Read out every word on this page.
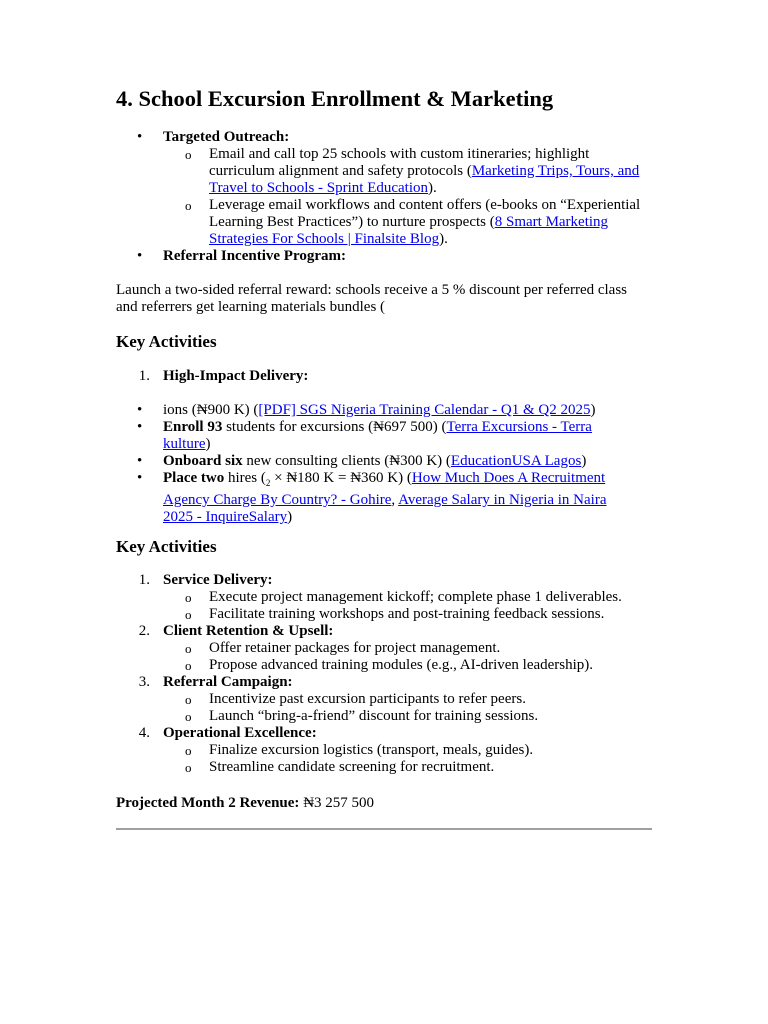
4. School Excursion Enrollment & Marketing
• Targeted Outreach:
o Email and call top 25 schools with custom itineraries; highlight curriculum alignment and safety protocols (Marketing Trips, Tours, and Travel to Schools - Sprint Education).
o Leverage email workflows and content offers (e-books on “Experiential Learning Best Practices”) to nurture prospects (8 Smart Marketing Strategies For Schools | Finalsite Blog).
• Referral Incentive Program:
Launch a two-sided referral reward: schools receive a 5 % discount per referred class and referrers get learning materials bundles (
Key Activities
1. High-Impact Delivery:
• ions (₦900 K) ([PDF] SGS Nigeria Training Calendar - Q1 & Q2 2025)
• Enroll 93 students for excursions (₦697 500) (Terra Excursions - Terra kulture)
• Onboard six new consulting clients (₦300 K) (EducationUSA Lagos)
• Place two hires ($_2$ × ₦180 K = ₦360 K) (How Much Does A Recruitment Agency Charge By Country? - Gohire, Average Salary in Nigeria in Naira 2025 - InquireSalary)
Key Activities
1. Service Delivery:
o Execute project management kickoff; complete phase 1 deliverables.
o Facilitate training workshops and post-training feedback sessions.
2. Client Retention & Upsell:
o Offer retainer packages for project management.
o Propose advanced training modules (e.g., AI-driven leadership).
3. Referral Campaign:
o Incentivize past excursion participants to refer peers.
o Launch “bring-a-friend” discount for training sessions.
4. Operational Excellence:
o Finalize excursion logistics (transport, meals, guides).
o Streamline candidate screening for recruitment.
Projected Month 2 Revenue: ₦3 257 500
